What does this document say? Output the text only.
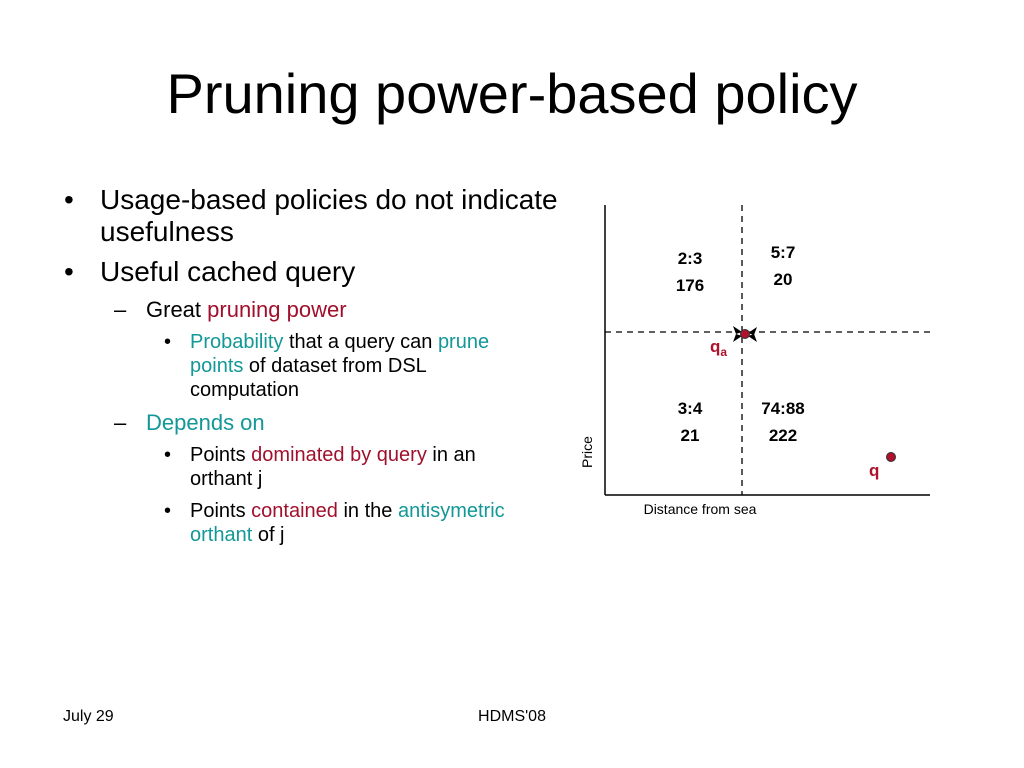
Pruning power-based policy
• Usage-based policies do not indicate usefulness
• Useful cached query
– Great pruning power
• Probability that a query can prune points of dataset from DSL computation
– Depends on
• Points dominated by query in an orthant j
• Points contained in the antisymetric orthant of j
Price
Distance from sea
2:3
176
5:7
20
3:4
21
74:88
222
$q_a$
q
July 29	HDMS'08
